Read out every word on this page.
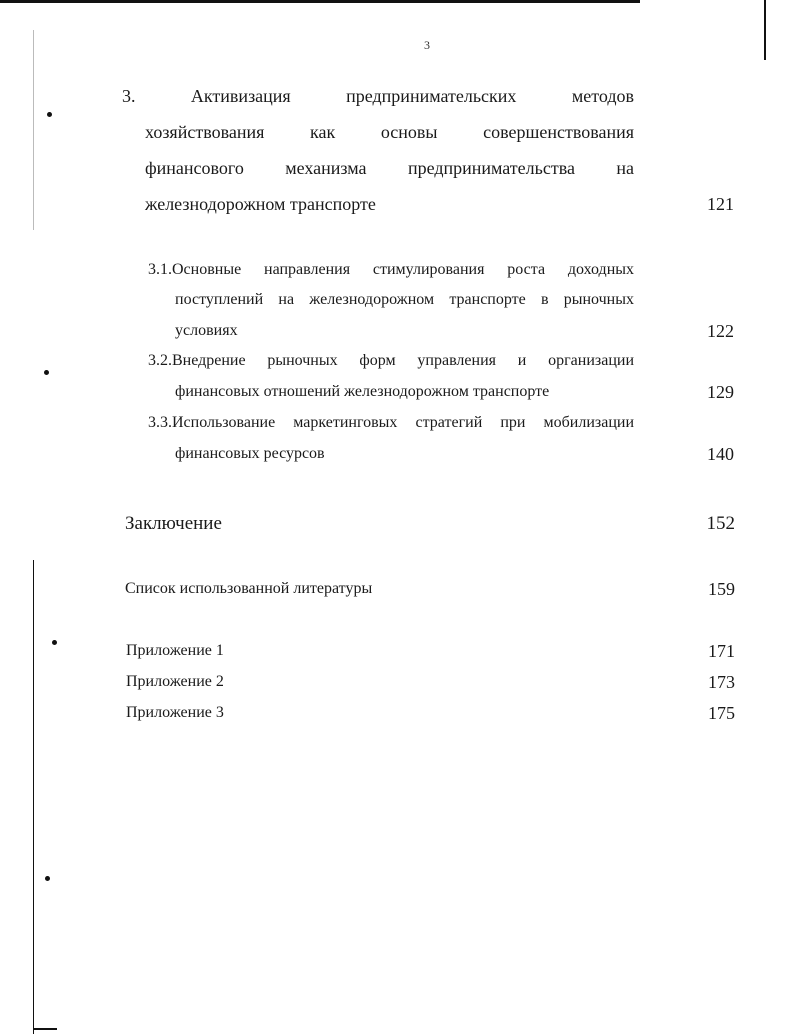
3
3. Активизация предпринимательских методов
хозяйствования как основы совершенствования
финансового механизма предпринимательства на
железнодорожном транспорте	121
3.1.Основные направления стимулирования роста доходных
поступлений на железнодорожном транспорте в рыночных
условиях	122
3.2.Внедрение рыночных форм управления и организации
финансовых отношений железнодорожном транспорте	129
3.3.Использование маркетинговых стратегий при мобилизации
финансовых ресурсов	140
Заключение	152
Список использованной литературы	159
Приложение 1	171
Приложение 2	173
Приложение 3	175
